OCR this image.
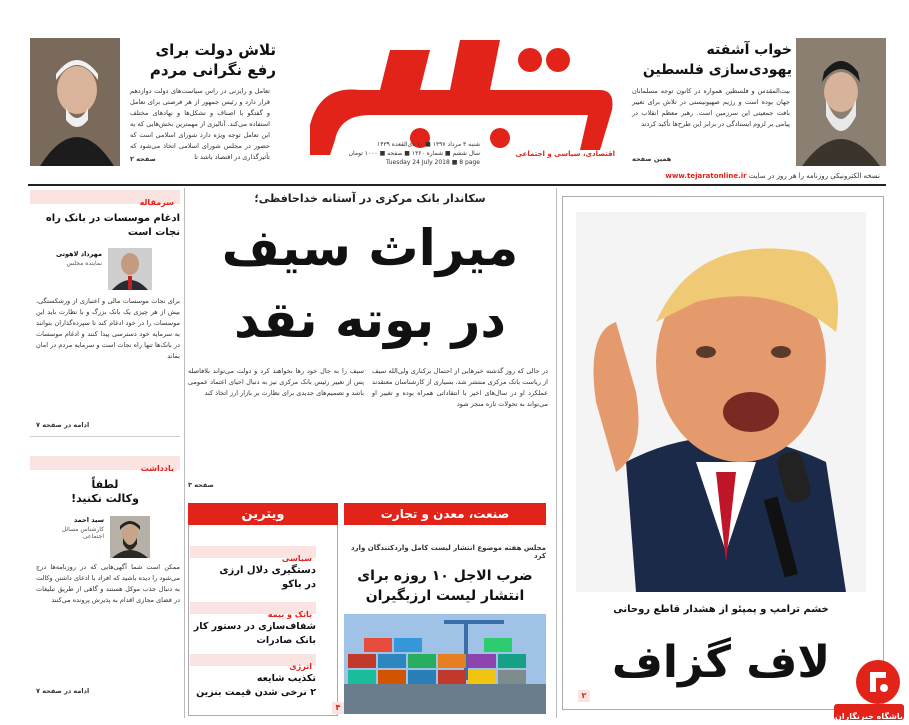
تلاش دولت برای
رفع نگرانی مردم
تعامل و رایزنی در راس سیاست‌های دولت دوازدهم قرار دارد و رئیس جمهور از هر فرصتی برای تعامل و گفتگو با اصناف و تشکل‌ها و نهادهای مختلف استفاده می‌کند. آنالیزی از مهمترین بخش‌هایی که به این تعامل توجه ویژه دارد شورای اسلامی است که حضور در مجلس شورای اسلامی اتخاذ می‌شود که تأثیرگذاری در اقتصاد باشد تا
صفحه ۲
اقتصادی، سیاسی و اجتماعی
شنبه ۳ مرداد ۱۳۹۷ ■ ۱۰ ذی‌القعده ۱۴۳۹
سال ششم ■ شماره ۱۳۶۰ ■ صفحه ■ ۱۰۰۰ تومان
Tuesday 24 July 2018 ■ 8 page
خواب آشفته
یهودی‌سازی فلسطین
بیت‌المقدس و فلسطین همواره در کانون توجه مسلمانان جهان بوده است و رژیم صهیونیستی در تلاش برای تغییر بافت جمعیتی این سرزمین است. رهبر معظم انقلاب در پیامی بر لزوم ایستادگی در برابر این طرح‌ها تأکید کردند
همین صفحه
نسخه الکترونیکی روزنامه را هر روز در سایت www.tejaratonline.ir
سرمقاله
ادغام موسسات در بانک راه نجات است
مهرداد لاهوتی
نماینده مجلس
برای نجات موسسات مالی و اعتباری از ورشکستگی، بیش از هر چیزی یک بانک بزرگ و با نظارت باید این موسسات را در خود ادغام کند تا سپرده‌گذاران بتوانند به سرمایه خود دسترسی پیدا کنند و ادغام موسسات در بانک‌ها تنها راه نجات است و سرمایه مردم در امان بماند
ادامه در صفحه ۷
یادداشت
لطفاً
وکالت نکنید!
سید احمد
کارشناس مسائل اجتماعی
ممکن است شما آگهی‌هایی که در روزنامه‌ها درج می‌شود را دیده باشید که افراد با ادعای داشتن وکالت به دنبال جذب موکل هستند و گاهی از طریق تبلیغات در فضای مجازی اقدام به پذیرش پرونده می‌کنند
ادامه در صفحه ۷
سکاندار بانک مرکزی در آستانه خداحافظی؛
میراث سیف
در بوته نقد
سیف را به حال خود رها نخواهند کرد و دولت می‌تواند بلافاصله پس از تغییر رئیس بانک مرکزی نیز به دنبال احیای اعتماد عمومی باشد و تصمیم‌های جدیدی برای نظارت بر بازار ارز اتخاذ کند
در حالی که روز گذشته خبرهایی از احتمال برکناری ولی‌الله سیف از ریاست بانک مرکزی منتشر شد، بسیاری از کارشناسان معتقدند عملکرد او در سال‌های اخیر با انتقاداتی همراه بوده و تغییر او می‌تواند به تحولات تازه منجر شود
صفحه ۳
ویترین
سیاسی
دستگیری دلال ارزی
در باکو
بانک و بیمه
شفاف‌سازی در دستور کار
بانک صادرات
انرژی
تکذیب شایعه
۲ نرخی شدن قیمت بنزین
صنعت، معدن و تجارت
مجلس هفته موضوع انتشار لیست کامل واردکنندگان وارد کرد
ضرب الاجل ۱۰ روزه برای
انتشار لیست ارزبگیران
۴
خشم ترامپ و پمپئو از هشدار قاطع روحانی
لاف گزاف
۲
باشگاه خبرنگاران
